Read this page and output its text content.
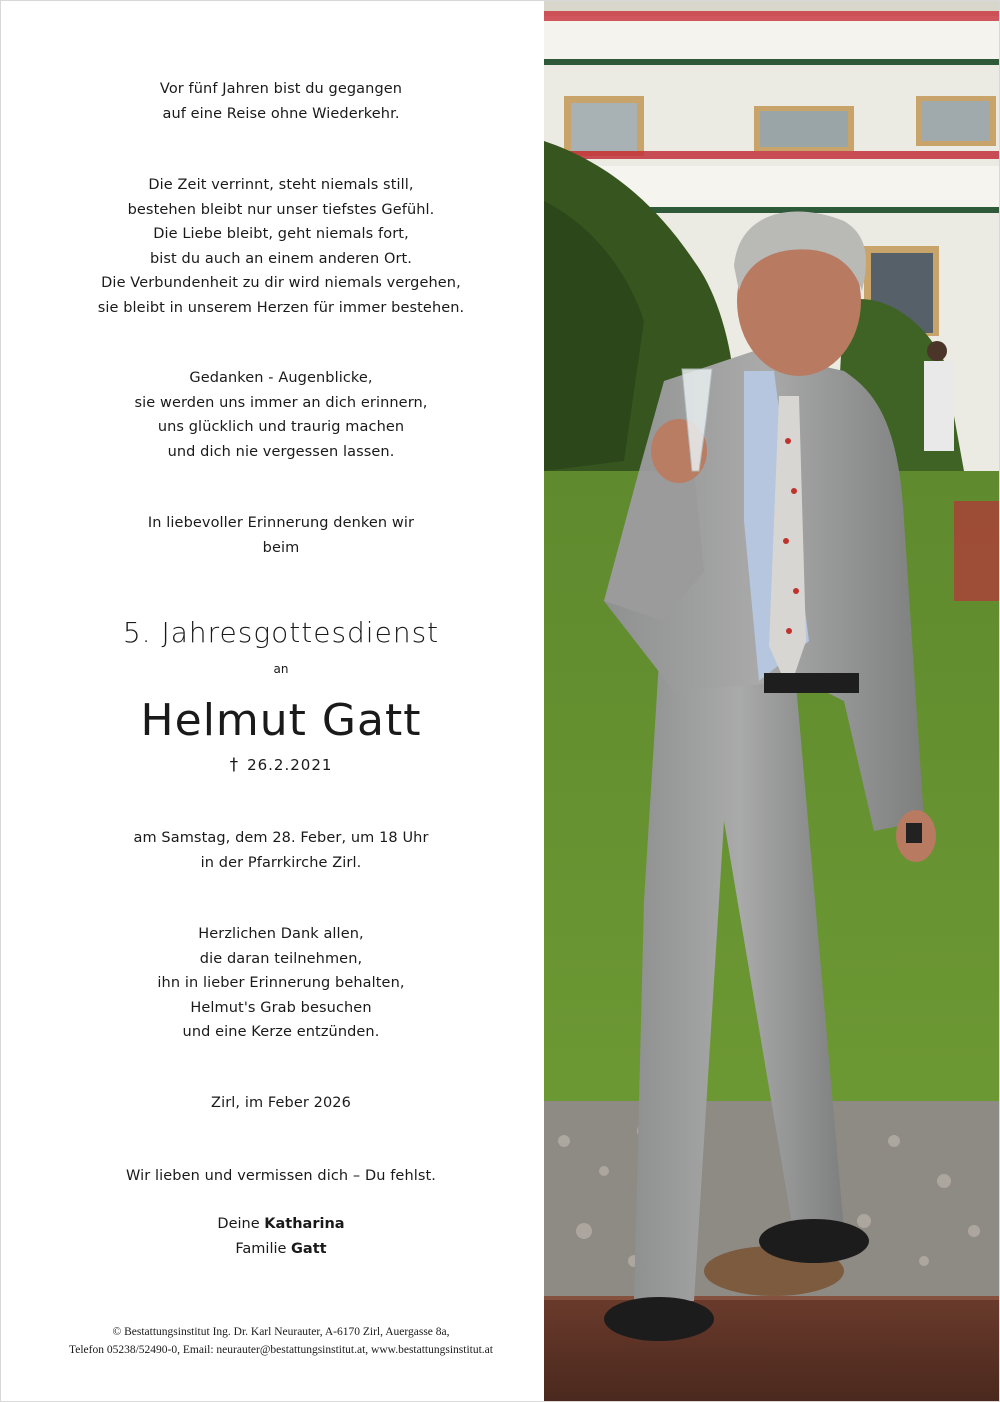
Vor fünf Jahren bist du gegangen
auf eine Reise ohne Wiederkehr.
Die Zeit verrinnt, steht niemals still,
bestehen bleibt nur unser tiefstes Gefühl.
Die Liebe bleibt, geht niemals fort,
bist du auch an einem anderen Ort.
Die Verbundenheit zu dir wird niemals vergehen,
sie bleibt in unserem Herzen für immer bestehen.
Gedanken - Augenblicke,
sie werden uns immer an dich erinnern,
uns glücklich und traurig machen
und dich nie vergessen lassen.
In liebevoller Erinnerung denken wir
beim
5. Jahresgottesdienst
an
Helmut Gatt
† 26.2.2021
am Samstag, dem 28. Feber, um 18 Uhr
in der Pfarrkirche Zirl.
Herzlichen Dank allen,
die daran teilnehmen,
ihn in lieber Erinnerung behalten,
Helmut's Grab besuchen
und eine Kerze entzünden.
Zirl, im Feber 2026
Wir lieben und vermissen dich – Du fehlst.
Deine Katharina
Familie Gatt
© Bestattungsinstitut Ing. Dr. Karl Neurauter, A-6170 Zirl, Auergasse 8a,
Telefon 05238/52490-0, Email: neurauter@bestattungsinstitut.at, www.bestattungsinstitut.at
